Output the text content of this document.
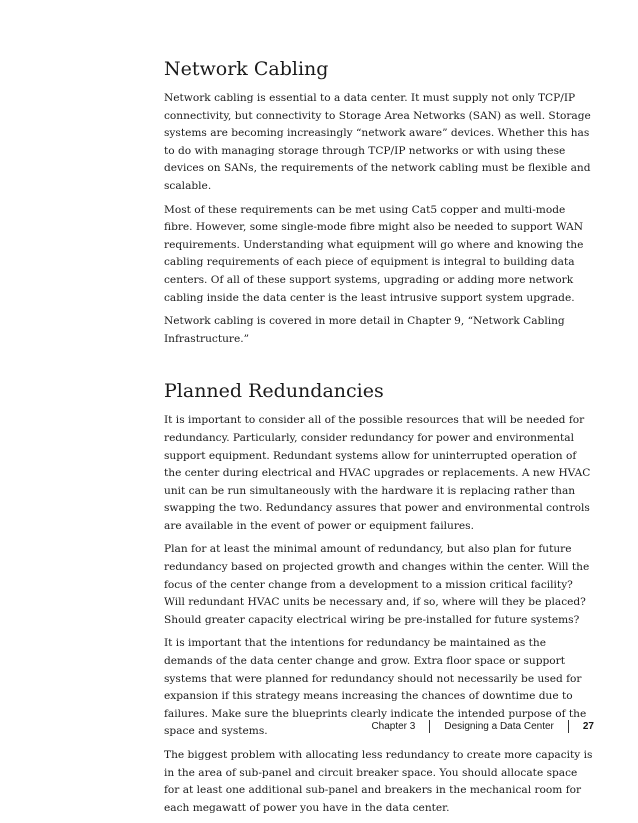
Network Cabling

Network cabling is essential to a data center. It must supply not only TCP/IP connectivity, but connectivity to Storage Area Networks (SAN) as well. Storage systems are becoming increasingly “network aware” devices. Whether this has to do with managing storage through TCP/IP networks or with using these devices on SANs, the requirements of the network cabling must be flexible and scalable.

Most of these requirements can be met using Cat5 copper and multi-mode fibre. However, some single-mode fibre might also be needed to support WAN requirements. Understanding what equipment will go where and knowing the cabling requirements of each piece of equipment is integral to building data centers. Of all of these support systems, upgrading or adding more network cabling inside the data center is the least intrusive support system upgrade.

Network cabling is covered in more detail in Chapter 9, “Network Cabling Infrastructure.”

Planned Redundancies

It is important to consider all of the possible resources that will be needed for redundancy. Particularly, consider redundancy for power and environmental support equipment. Redundant systems allow for uninterrupted operation of the center during electrical and HVAC upgrades or replacements. A new HVAC unit can be run simultaneously with the hardware it is replacing rather than swapping the two. Redundancy assures that power and environmental controls are available in the event of power or equipment failures.

Plan for at least the minimal amount of redundancy, but also plan for future redundancy based on projected growth and changes within the center. Will the focus of the center change from a development to a mission critical facility? Will redundant HVAC units be necessary and, if so, where will they be placed? Should greater capacity electrical wiring be pre-installed for future systems?

It is important that the intentions for redundancy be maintained as the demands of the data center change and grow. Extra floor space or support systems that were planned for redundancy should not necessarily be used for expansion if this strategy means increasing the chances of downtime due to failures. Make sure the blueprints clearly indicate the intended purpose of the space and systems.

The biggest problem with allocating less redundancy to create more capacity is in the area of sub-panel and circuit breaker space. You should allocate space for at least one additional sub-panel and breakers in the mechanical room for each megawatt of power you have in the data center.

Chapter 3	Designing a Data Center	27
